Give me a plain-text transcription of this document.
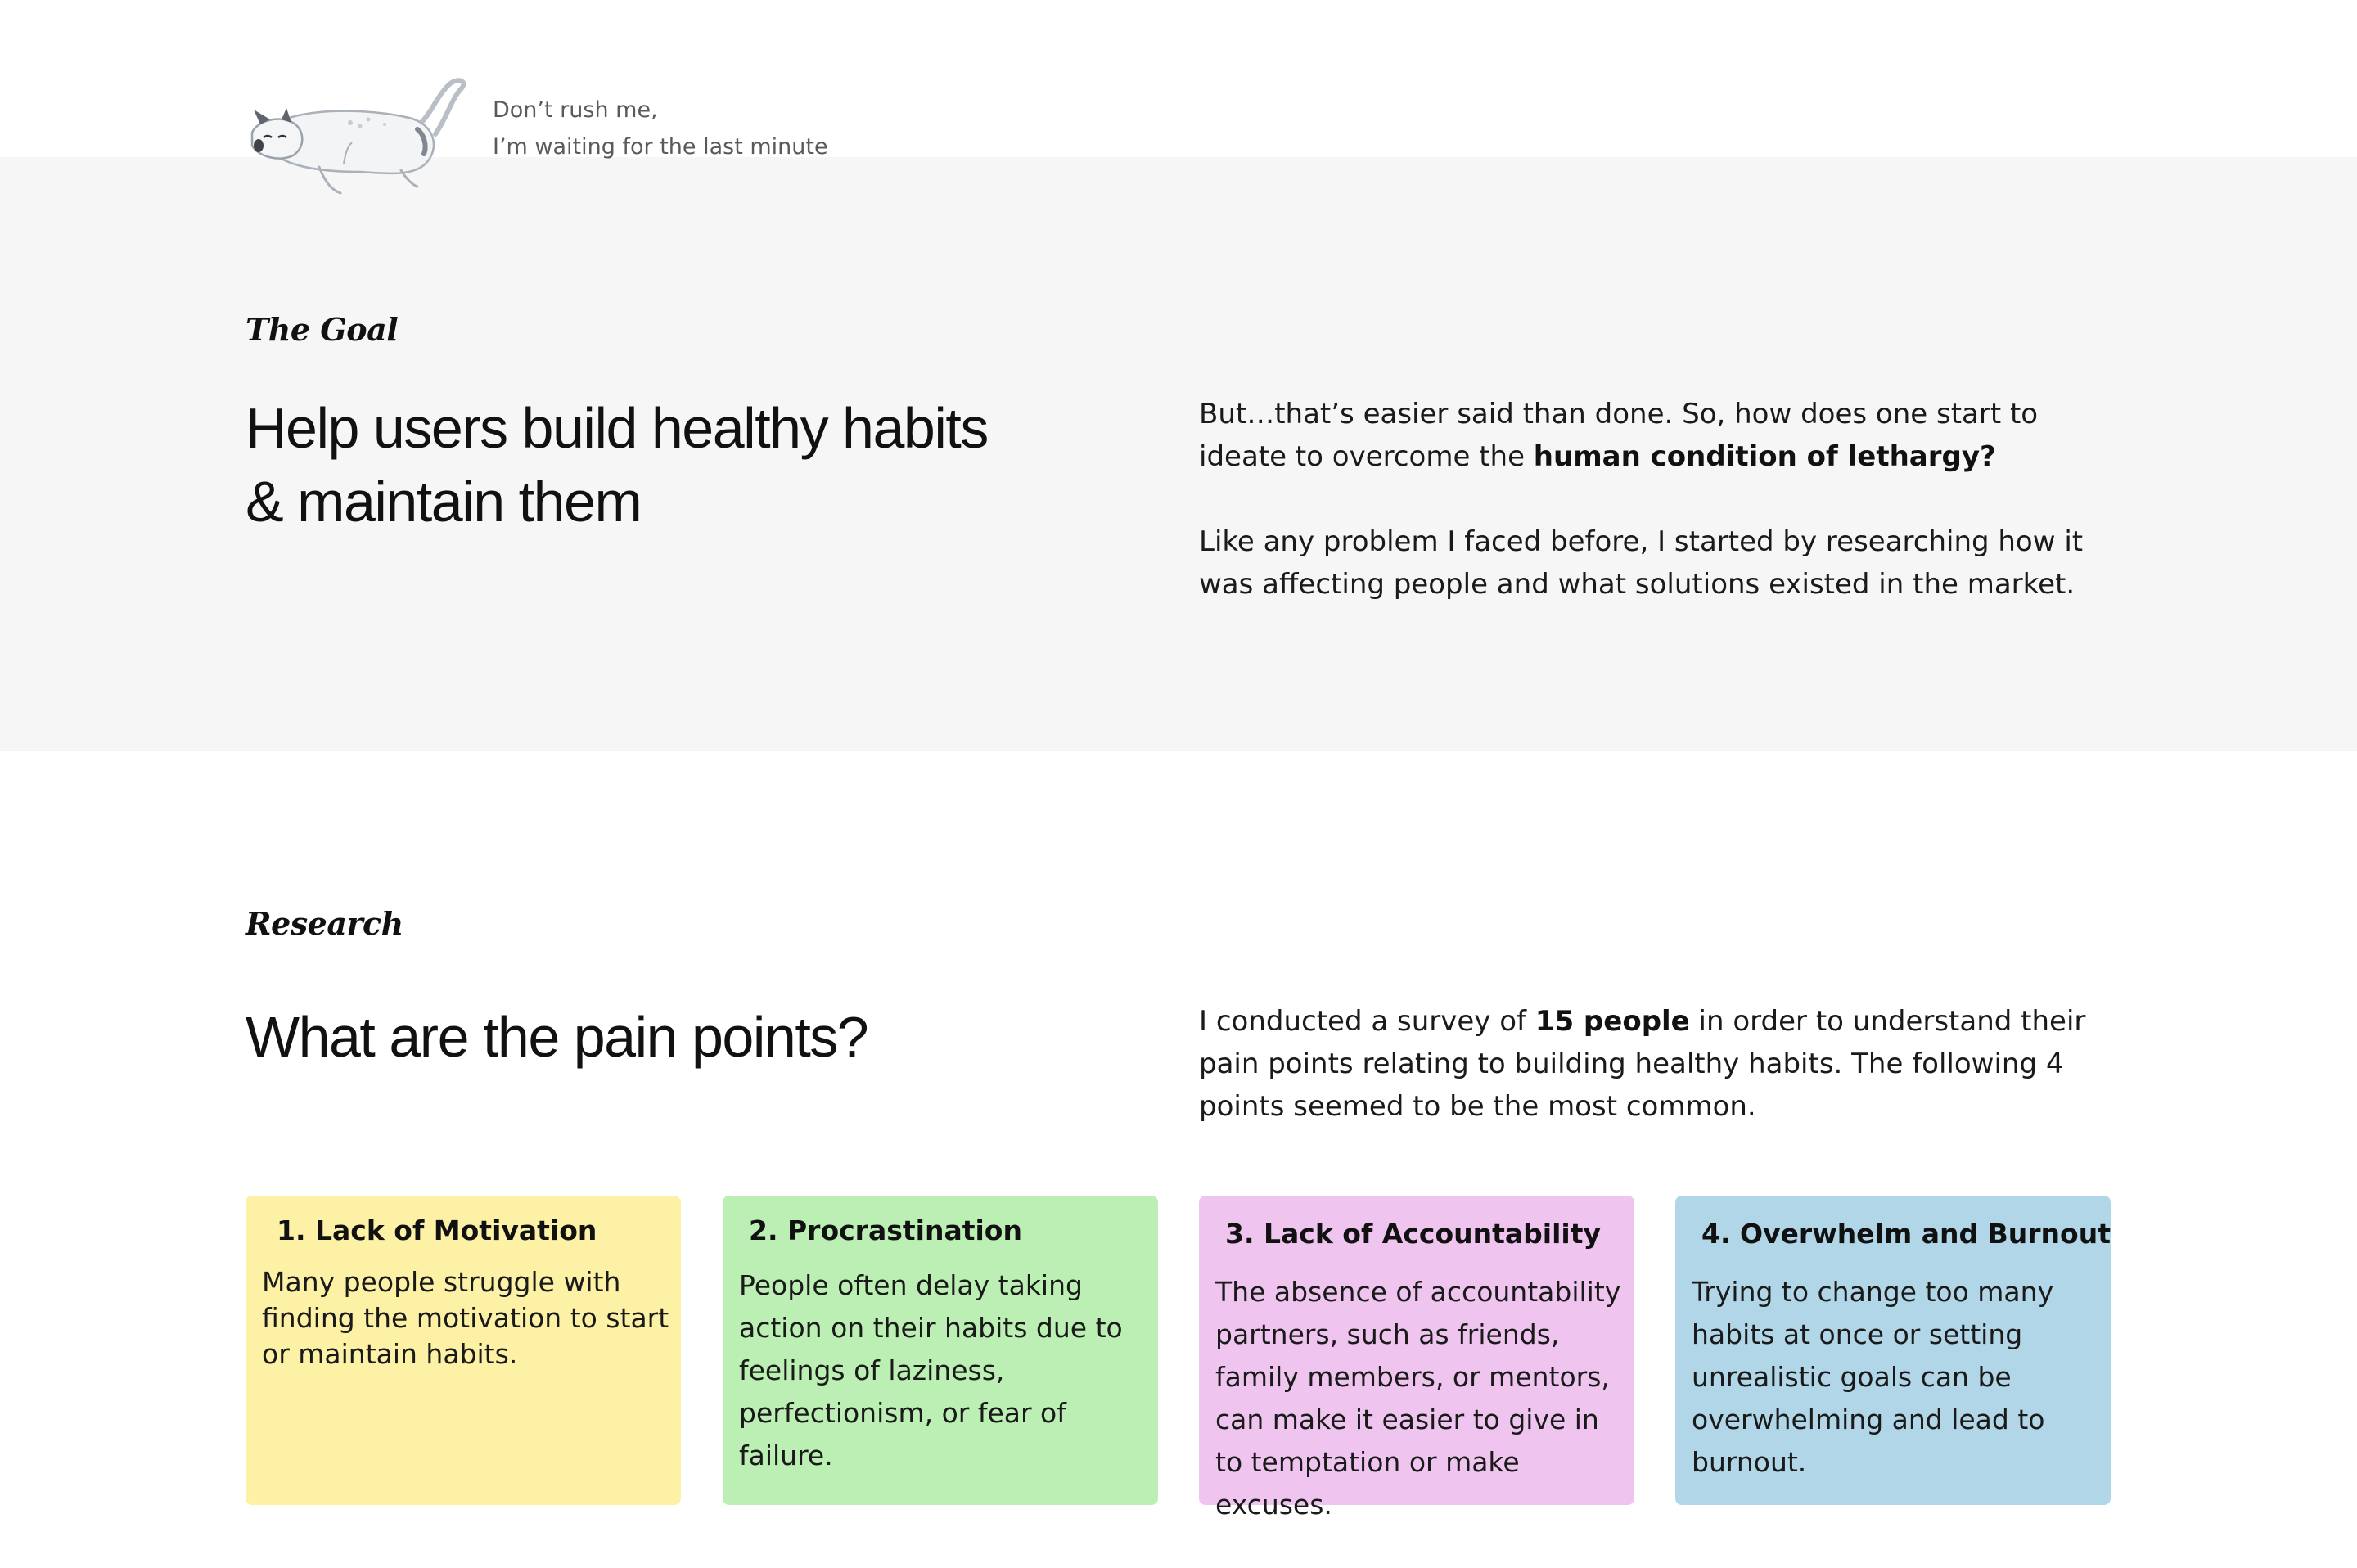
Don’t rush me,
I’m waiting for the last minute
The Goal
Help users build healthy habits
& maintain them

But…that’s easier said than done. So, how does one start to ideate to overcome the human condition of lethargy?

Like any problem I faced before, I started by researching how it was affecting people and what solutions existed in the market.

Research
What are the pain points?	I conducted a survey of 15 people in order to understand their pain points relating to building healthy habits. The following 4 points seemed to be the most common.
1. Lack of Motivation
Many people struggle with finding the motivation to start or maintain habits.
2. Procrastination
People often delay taking action on their habits due to feelings of laziness, perfectionism, or fear of failure.
3. Lack of Accountability
The absence of accountability partners, such as friends, family members, or mentors, can make it easier to give in to temptation or make excuses.
4. Overwhelm and Burnout
Trying to change too many habits at once or setting unrealistic goals can be overwhelming and lead to burnout.
